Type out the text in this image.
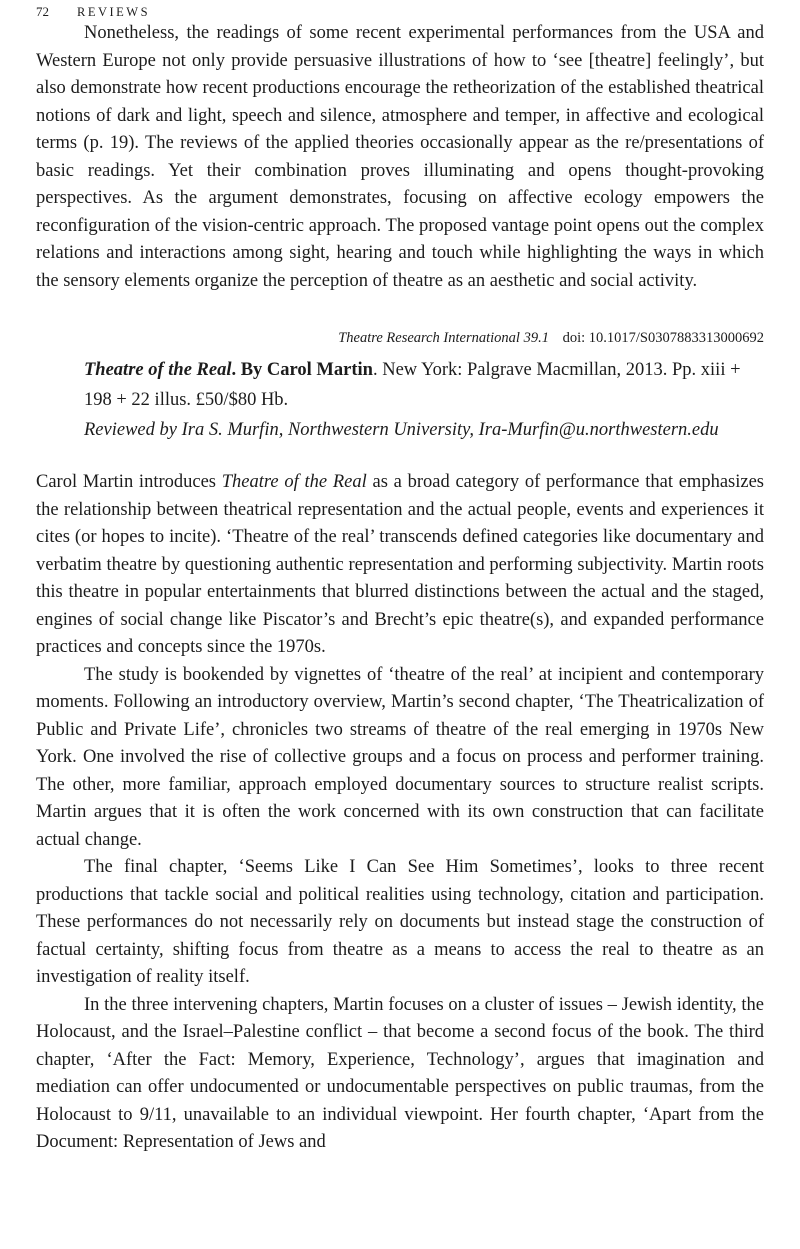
72 REVIEWS

Nonetheless, the readings of some recent experimental performances from the USA and Western Europe not only provide persuasive illustrations of how to ‘see [theatre] feelingly’, but also demonstrate how recent productions encourage the retheorization of the established theatrical notions of dark and light, speech and silence, atmosphere and temper, in affective and ecological terms (p. 19). The reviews of the applied theories occasionally appear as the re/presentations of basic readings. Yet their combination proves illuminating and opens thought-provoking perspectives. As the argument demonstrates, focusing on affective ecology empowers the reconfiguration of the vision-centric approach. The proposed vantage point opens out the complex relations and interactions among sight, hearing and touch while highlighting the ways in which the sensory elements organize the perception of theatre as an aesthetic and social activity.

Theatre Research International 39.1 doi: 10.1017/S0307883313000692
Theatre of the Real. By Carol Martin. New York: Palgrave Macmillan, 2013. Pp. xiii + 198 + 22 illus. £50/$80 Hb.
Reviewed by Ira S. Murfin, Northwestern University, Ira-Murfin@u.northwestern.edu

Carol Martin introduces Theatre of the Real as a broad category of performance that emphasizes the relationship between theatrical representation and the actual people, events and experiences it cites (or hopes to incite). ‘Theatre of the real’ transcends defined categories like documentary and verbatim theatre by questioning authentic representation and performing subjectivity. Martin roots this theatre in popular entertainments that blurred distinctions between the actual and the staged, engines of social change like Piscator’s and Brecht’s epic theatre(s), and expanded performance practices and concepts since the 1970s.

The study is bookended by vignettes of ‘theatre of the real’ at incipient and contemporary moments. Following an introductory overview, Martin’s second chapter, ‘The Theatricalization of Public and Private Life’, chronicles two streams of theatre of the real emerging in 1970s New York. One involved the rise of collective groups and a focus on process and performer training. The other, more familiar, approach employed documentary sources to structure realist scripts. Martin argues that it is often the work concerned with its own construction that can facilitate actual change.

The final chapter, ‘Seems Like I Can See Him Sometimes’, looks to three recent productions that tackle social and political realities using technology, citation and participation. These performances do not necessarily rely on documents but instead stage the construction of factual certainty, shifting focus from theatre as a means to access the real to theatre as an investigation of reality itself.

In the three intervening chapters, Martin focuses on a cluster of issues – Jewish identity, the Holocaust, and the Israel–Palestine conflict – that become a second focus of the book. The third chapter, ‘After the Fact: Memory, Experience, Technology’, argues that imagination and mediation can offer undocumented or undocumentable perspectives on public traumas, from the Holocaust to 9/11, unavailable to an individual viewpoint. Her fourth chapter, ‘Apart from the Document: Representation of Jews and
